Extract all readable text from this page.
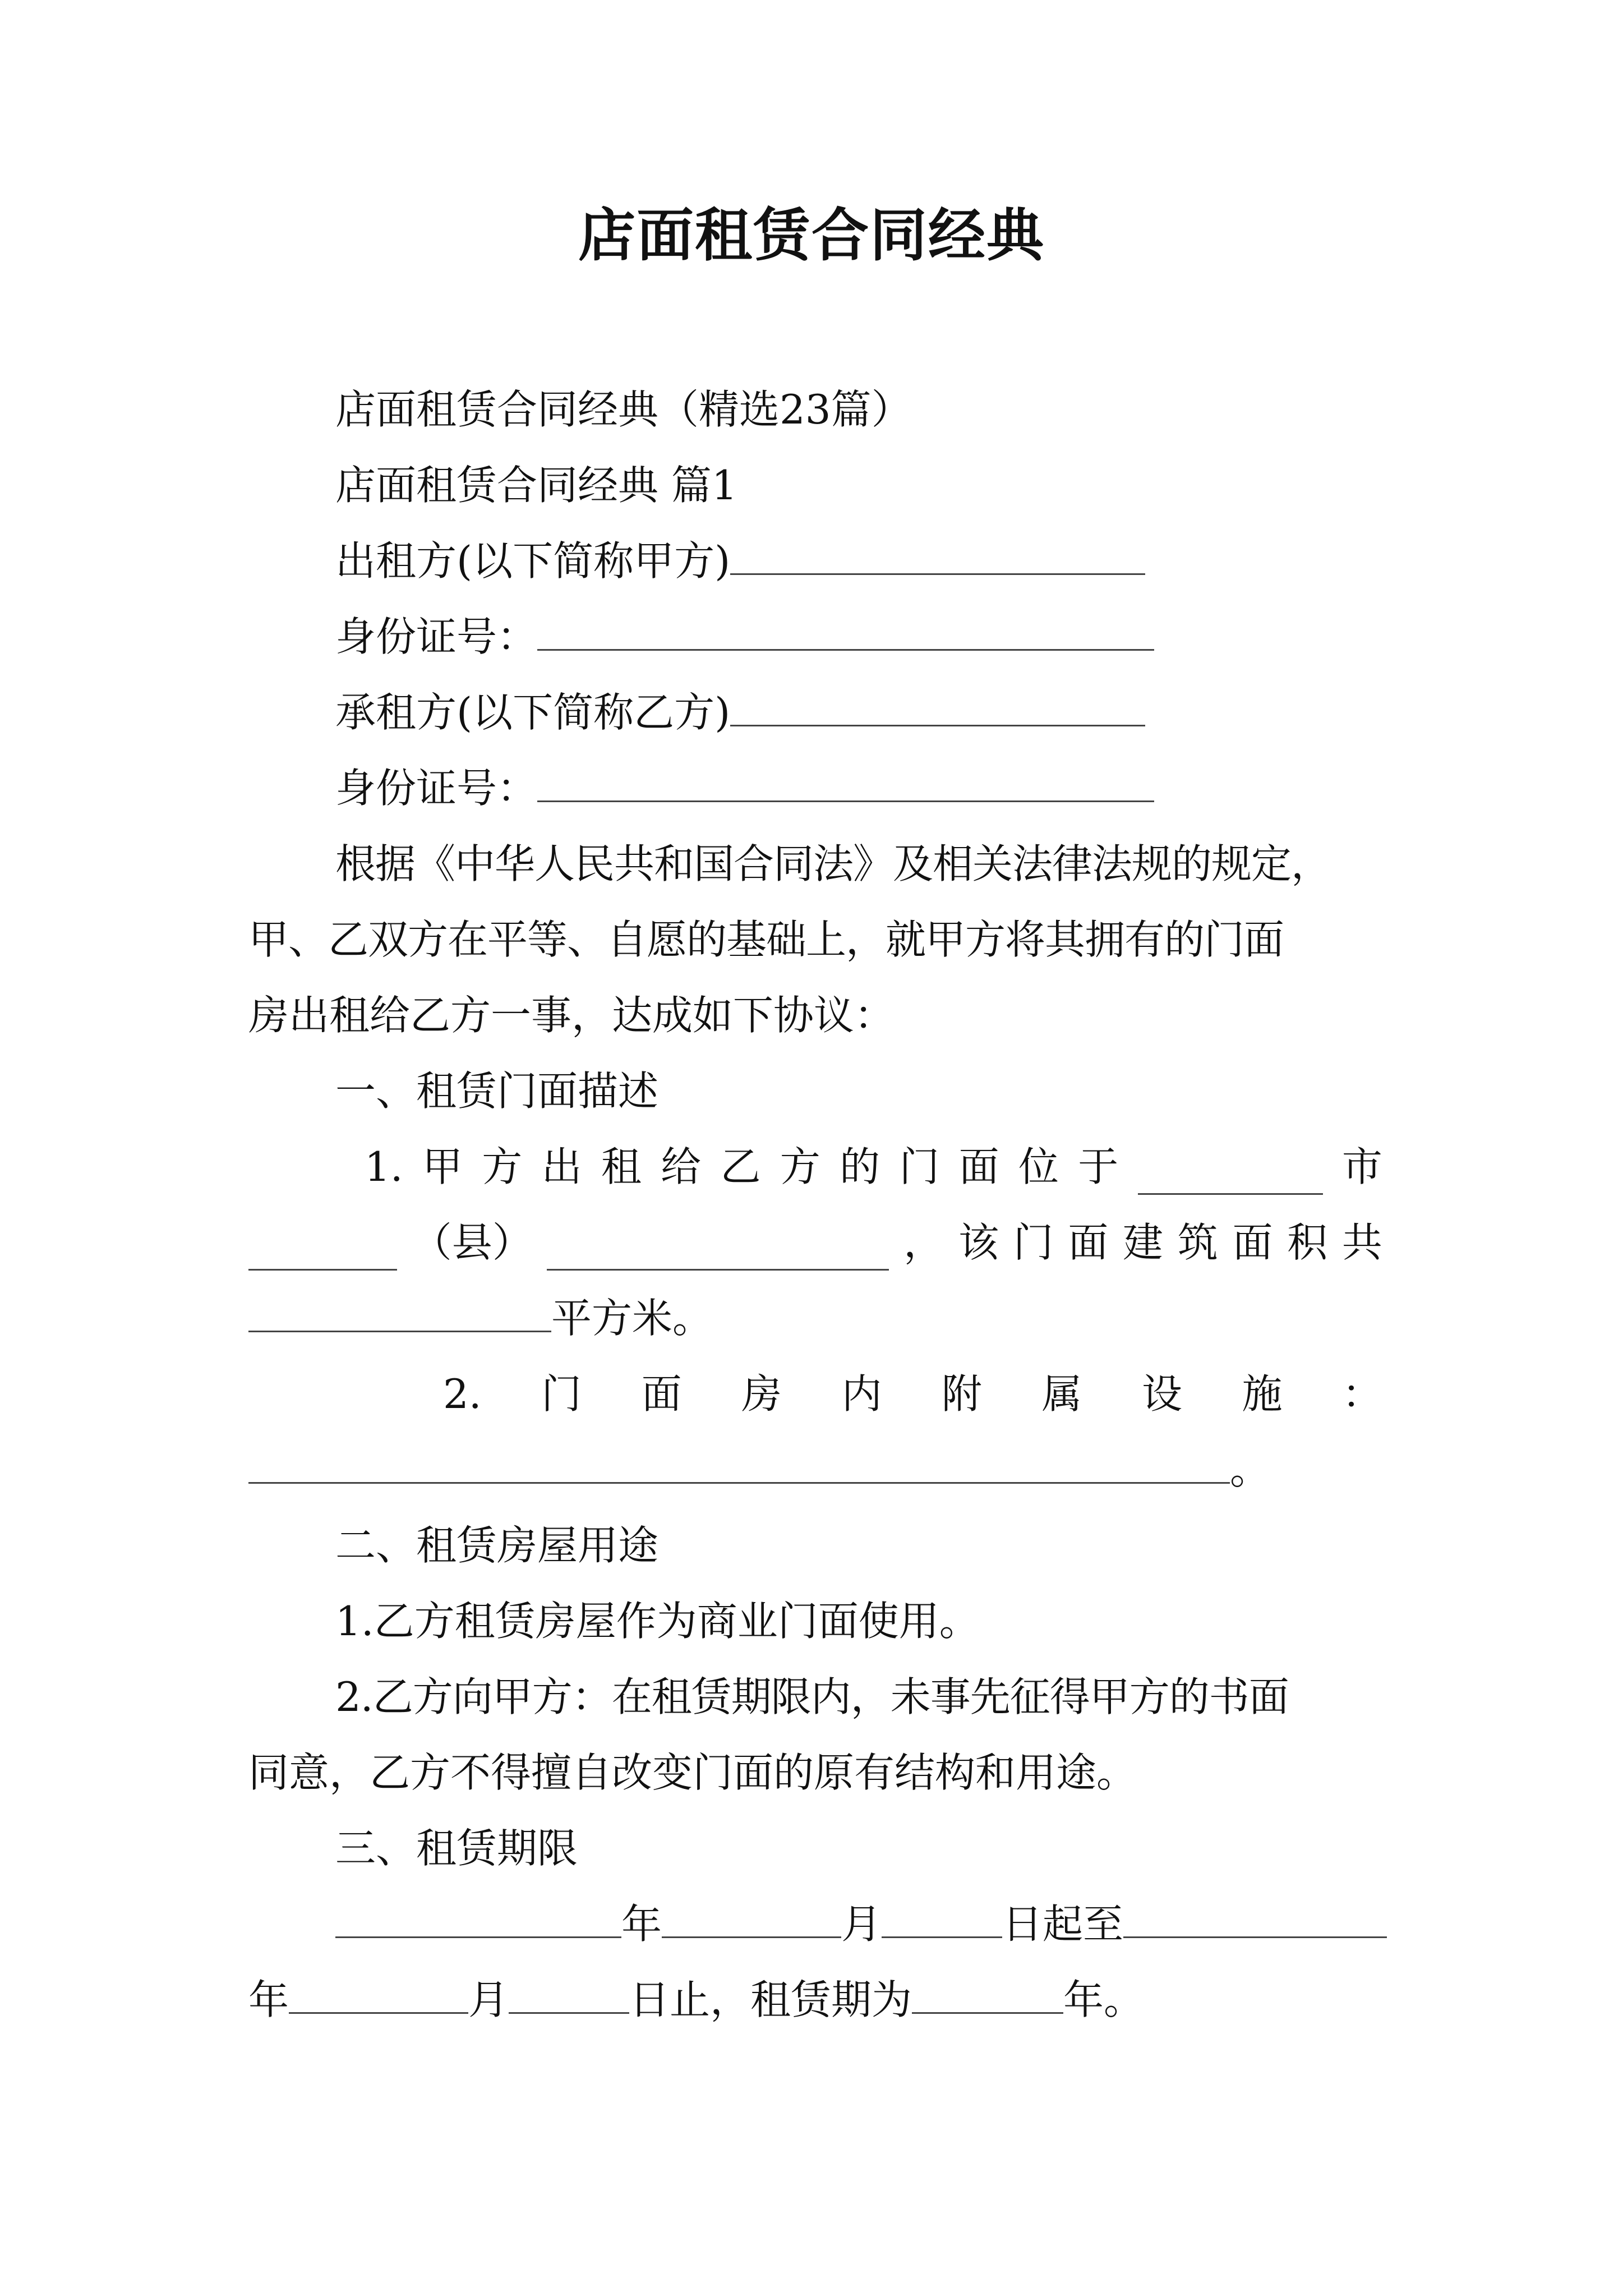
店面租赁合同经典
店面租赁合同经典（精选23篇）
店面租赁合同经典 篇1
出租方(以下简称甲方)
身份证号：
承租方(以下简称乙方)
身份证号：
根据《中华人民共和国合同法》及相关法律法规的规定，
甲、乙双方在平等、自愿的基础上，就甲方将其拥有的门面
房出租给乙方一事，达成如下协议：
一、租赁门面描述
1. 甲 方 出 租 给 乙 方 的 门 面 位 于	市
（县）	， 该 门 面 建 筑 面 积 共
平方米。
2. 门 面 房 内 附 属 设 施 ：
。
二、租赁房屋用途
1.乙方租赁房屋作为商业门面使用。
2.乙方向甲方：在租赁期限内，未事先征得甲方的书面
同意，乙方不得擅自改变门面的原有结构和用途。
三、租赁期限
年	月	日起至
年	月	日止，租赁期为	年。
